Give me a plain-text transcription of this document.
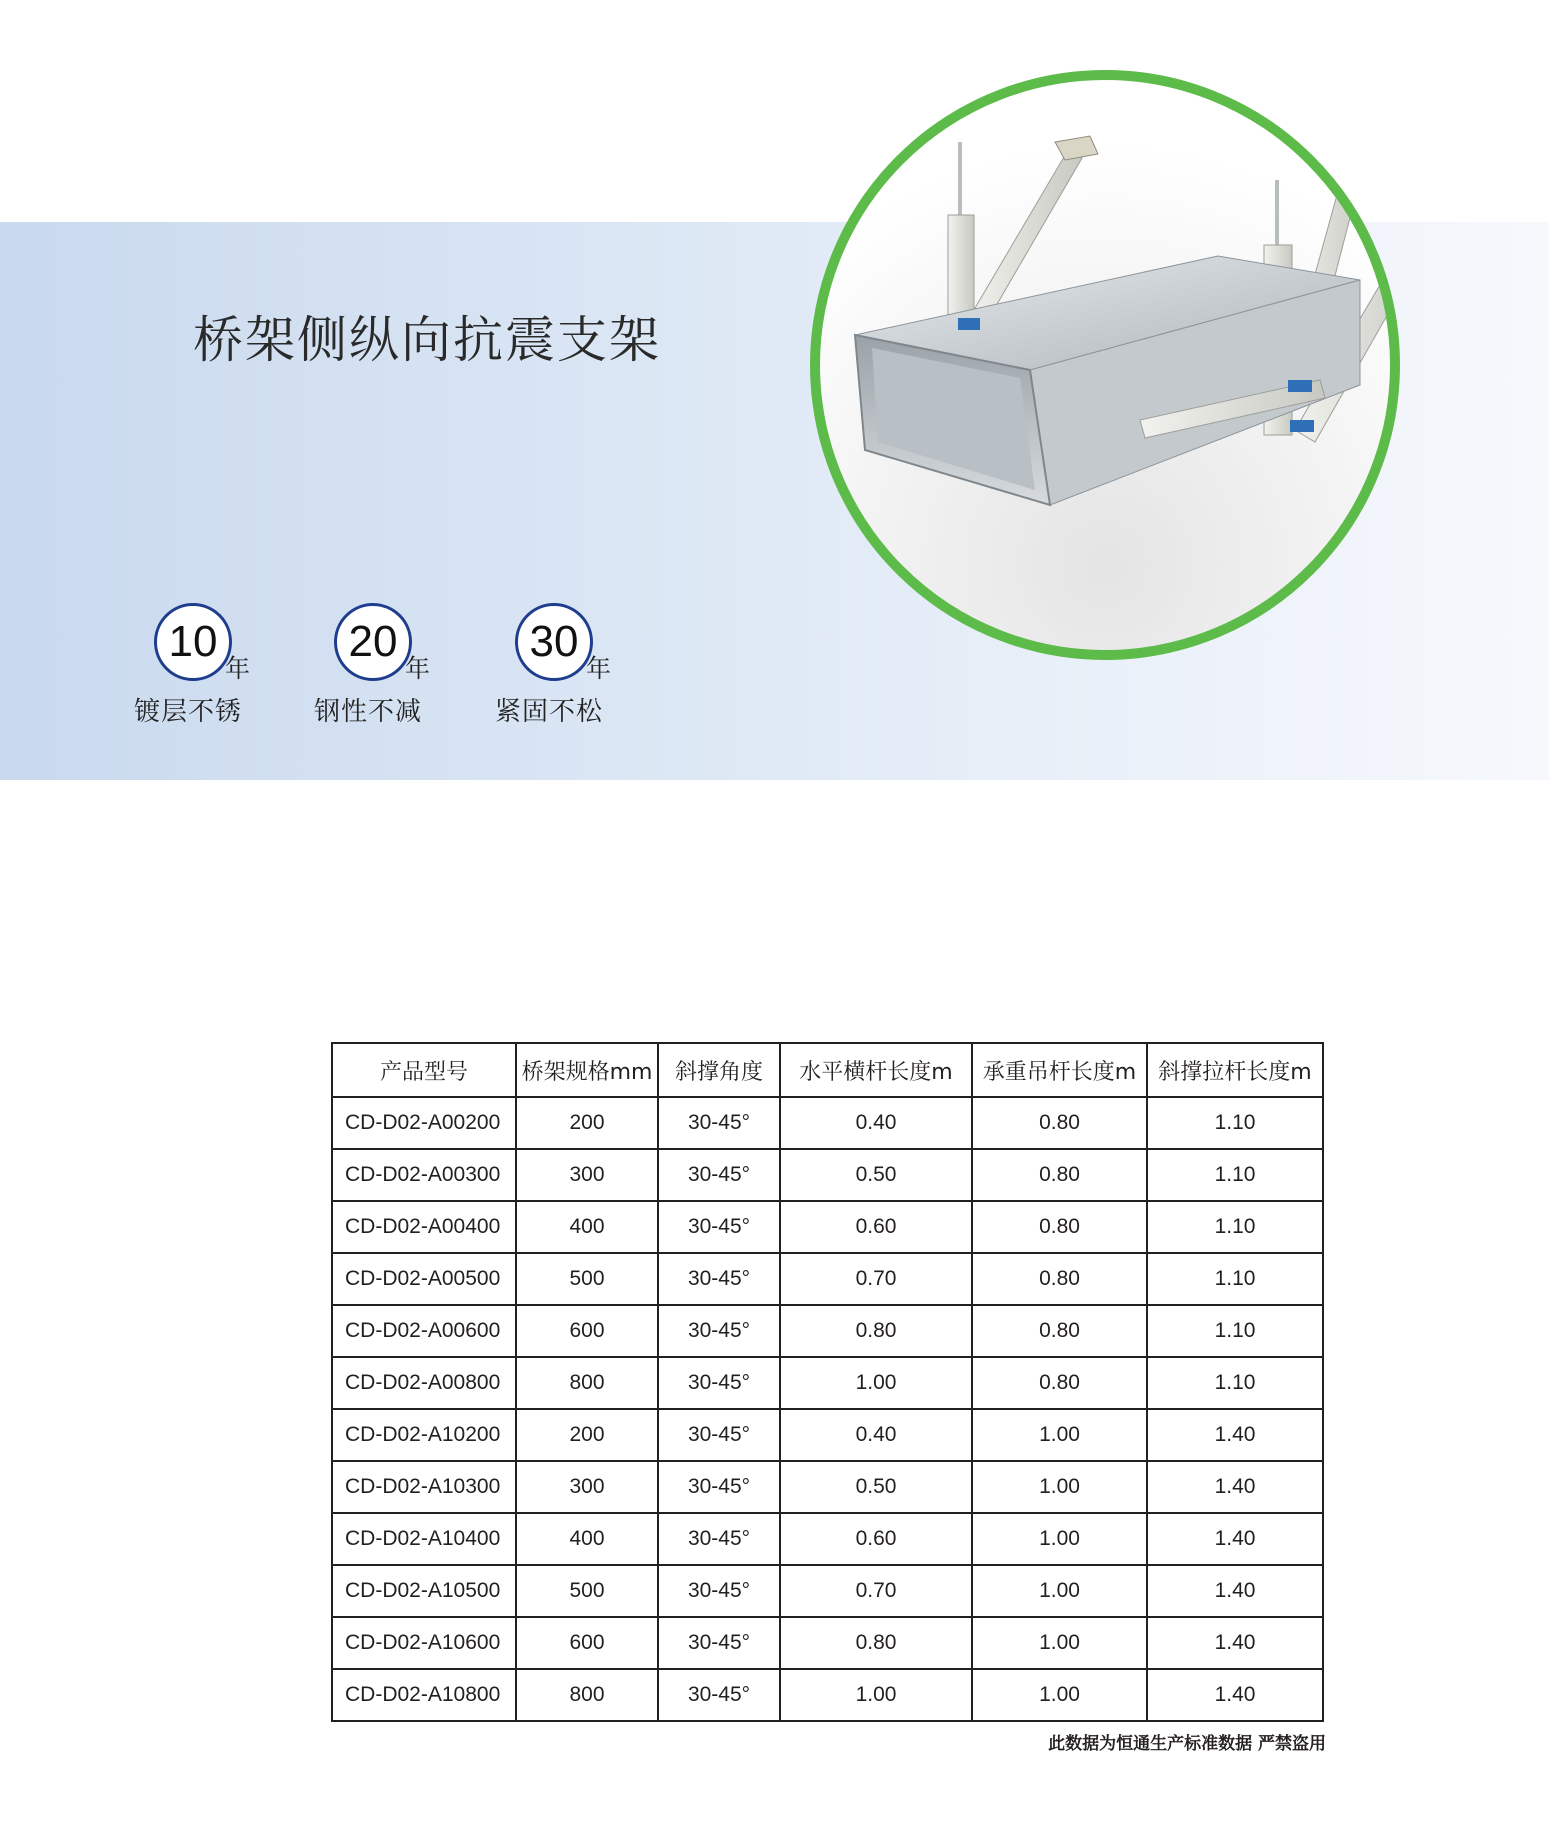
桥架侧纵向抗震支架
10
年
镀层不锈
20
年
钢性不减
30
年
紧固不松
产品型号	桥架规格mm	斜撑角度	水平横杆长度m	承重吊杆长度m	斜撑拉杆长度m
CD-D02-A00200	200	30-45°	0.40	0.80	1.10
CD-D02-A00300	300	30-45°	0.50	0.80	1.10
CD-D02-A00400	400	30-45°	0.60	0.80	1.10
CD-D02-A00500	500	30-45°	0.70	0.80	1.10
CD-D02-A00600	600	30-45°	0.80	0.80	1.10
CD-D02-A00800	800	30-45°	1.00	0.80	1.10
CD-D02-A10200	200	30-45°	0.40	1.00	1.40
CD-D02-A10300	300	30-45°	0.50	1.00	1.40
CD-D02-A10400	400	30-45°	0.60	1.00	1.40
CD-D02-A10500	500	30-45°	0.70	1.00	1.40
CD-D02-A10600	600	30-45°	0.80	1.00	1.40
CD-D02-A10800	800	30-45°	1.00	1.00	1.40
此数据为恒通生产标准数据 严禁盗用
